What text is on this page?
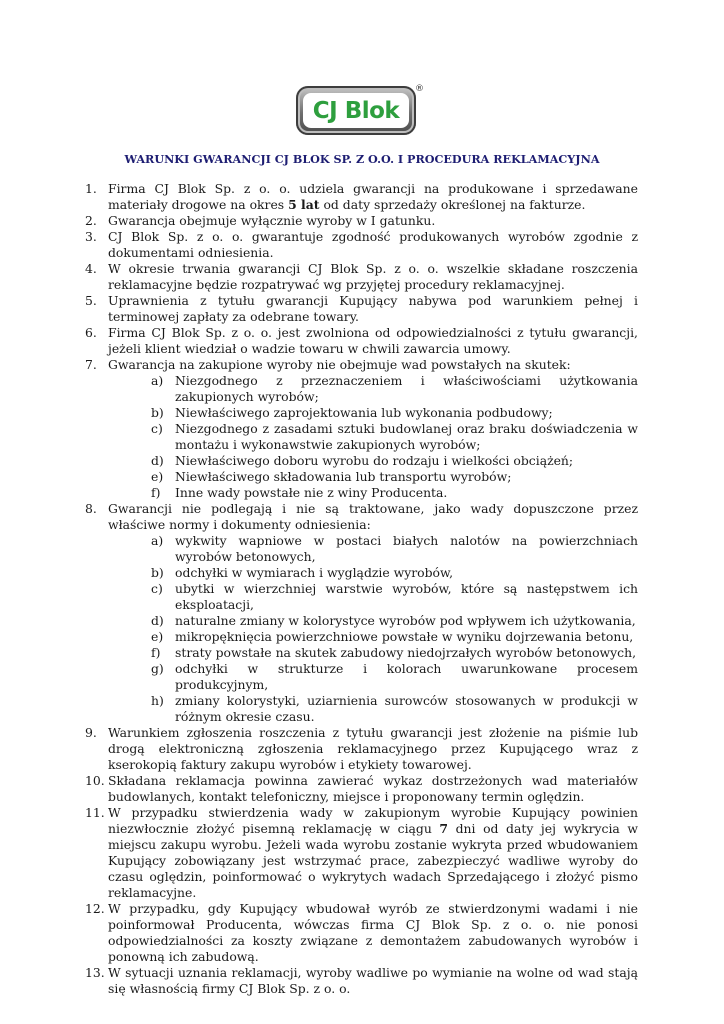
CJ Blok
®
WARUNKI GWARANCJI CJ BLOK SP. Z O.O. I PROCEDURA REKLAMACYJNA
1. Firma CJ Blok Sp. z o. o. udziela gwarancji na produkowane i sprzedawane materiały drogowe na okres 5 lat od daty sprzedaży określonej na fakturze.
2. Gwarancja obejmuje wyłącznie wyroby w I gatunku.
3. CJ Blok Sp. z o. o. gwarantuje zgodność produkowanych wyrobów zgodnie z dokumentami odniesienia.
4. W okresie trwania gwarancji CJ Blok Sp. z o. o. wszelkie składane roszczenia reklamacyjne będzie rozpatrywać wg przyjętej procedury reklamacyjnej.
5. Uprawnienia z tytułu gwarancji Kupujący nabywa pod warunkiem pełnej i terminowej zapłaty za odebrane towary.
6. Firma CJ Blok Sp. z o. o. jest zwolniona od odpowiedzialności z tytułu gwarancji, jeżeli klient wiedział o wadzie towaru w chwili zawarcia umowy.
7. Gwarancja na zakupione wyroby nie obejmuje wad powstałych na skutek:
a) Niezgodnego z przeznaczeniem i właściwościami użytkowania zakupionych wyrobów;
b) Niewłaściwego zaprojektowania lub wykonania podbudowy;
c) Niezgodnego z zasadami sztuki budowlanej oraz braku doświadczenia w montażu i wykonawstwie zakupionych wyrobów;
d) Niewłaściwego doboru wyrobu do rodzaju i wielkości obciążeń;
e) Niewłaściwego składowania lub transportu wyrobów;
f) Inne wady powstałe nie z winy Producenta.
8. Gwarancji nie podlegają i nie są traktowane, jako wady dopuszczone przez właściwe normy i dokumenty odniesienia:
a) wykwity wapniowe w postaci białych nalotów na powierzchniach wyrobów betonowych,
b) odchyłki w wymiarach i wyglądzie wyrobów,
c) ubytki w wierzchniej warstwie wyrobów, które są następstwem ich eksploatacji,
d) naturalne zmiany w kolorystyce wyrobów pod wpływem ich użytkowania,
e) mikropęknięcia powierzchniowe powstałe w wyniku dojrzewania betonu,
f) straty powstałe na skutek zabudowy niedojrzałych wyrobów betonowych,
g) odchyłki w strukturze i kolorach uwarunkowane procesem produkcyjnym,
h) zmiany kolorystyki, uziarnienia surowców stosowanych w produkcji w różnym okresie czasu.
9. Warunkiem zgłoszenia roszczenia z tytułu gwarancji jest złożenie na piśmie lub drogą elektroniczną zgłoszenia reklamacyjnego przez Kupującego wraz z kserokopią faktury zakupu wyrobów i etykiety towarowej.
10. Składana reklamacja powinna zawierać wykaz dostrzeżonych wad materiałów budowlanych, kontakt telefoniczny, miejsce i proponowany termin oględzin.
11. W przypadku stwierdzenia wady w zakupionym wyrobie Kupujący powinien niezwłocznie złożyć pisemną reklamację w ciągu 7 dni od daty jej wykrycia w miejscu zakupu wyrobu. Jeżeli wada wyrobu zostanie wykryta przed wbudowaniem Kupujący zobowiązany jest wstrzymać prace, zabezpieczyć wadliwe wyroby do czasu oględzin, poinformować o wykrytych wadach Sprzedającego i złożyć pismo reklamacyjne.
12. W przypadku, gdy Kupujący wbudował wyrób ze stwierdzonymi wadami i nie poinformował Producenta, wówczas firma CJ Blok Sp. z o. o. nie ponosi odpowiedzialności za koszty związane z demontażem zabudowanych wyrobów i ponowną ich zabudową.
13. W sytuacji uznania reklamacji, wyroby wadliwe po wymianie na wolne od wad stają się własnością firmy CJ Blok Sp. z o. o.
